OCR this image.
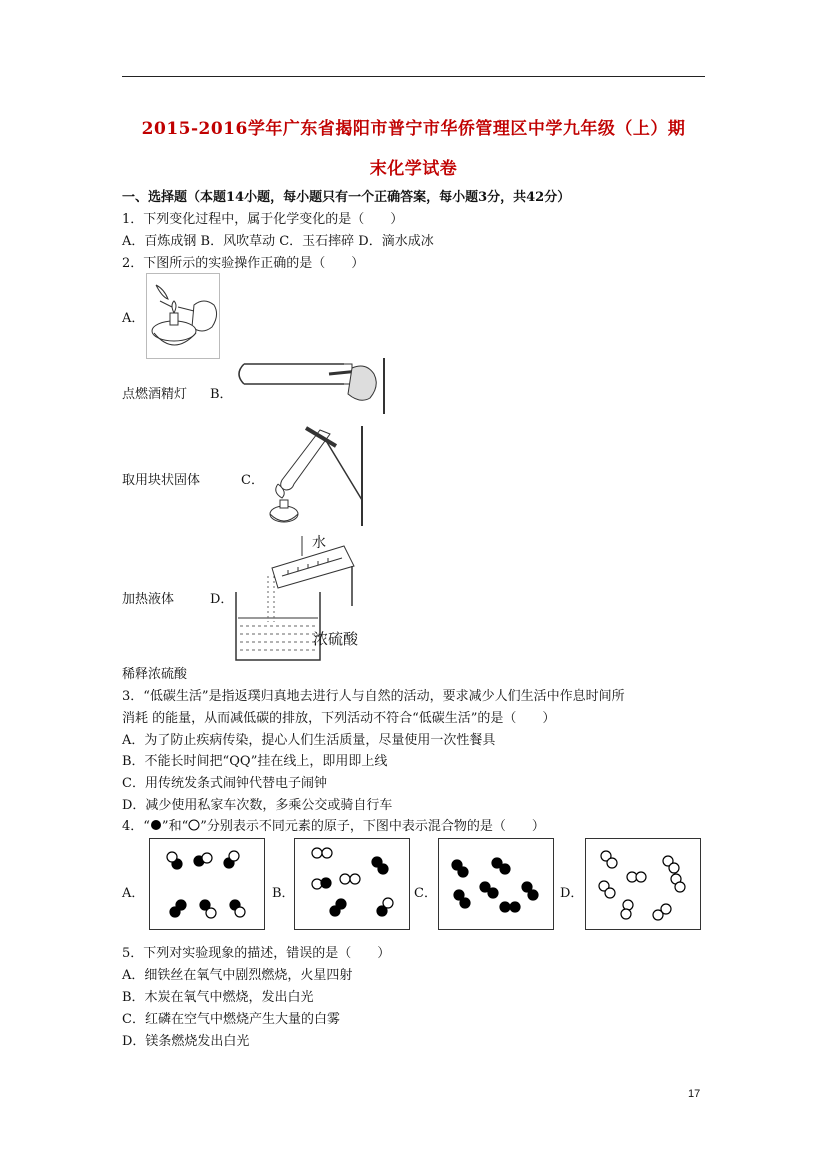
2015-2016学年广东省揭阳市普宁市华侨管理区中学九年级（上）期
末化学试卷
一、选择题（本题14小题，每小题只有一个正确答案，每小题3分，共42分）
1．下列变化过程中，属于化学变化的是（　　）
A．百炼成钢 B．风吹草动 C．玉石摔碎 D．滴水成冰
2．下图所示的实验操作正确的是（　　）
A．
点燃酒精灯 B．
取用块状固体	C．
加热液体	D．
水
浓硫酸
稀释浓硫酸
3．“低碳生活”是指返璞归真地去进行人与自然的活动，要求减少人们生活中作息时间所
消耗 的能量，从而减低碳的排放，下列活动不符合“低碳生活”的是（　　）
A．为了防止疾病传染，提心人们生活质量，尽量使用一次性餐具
B．不能长时间把“QQ”挂在线上，即用即上线
C．用传统发条式闹钟代替电子闹钟
D．减少使用私家车次数，多乘公交或骑自行车
4．“ ”和“ ”分别表示不同元素的原子，下图中表示混合物的是（　　）
A．	B．	C．	D．
5．下列对实验现象的描述，错误的是（　　）
A．细铁丝在氧气中剧烈燃烧，火星四射
B．木炭在氧气中燃烧，发出白光
C．红磷在空气中燃烧产生大量的白雾
D．镁条燃烧发出白光
17
